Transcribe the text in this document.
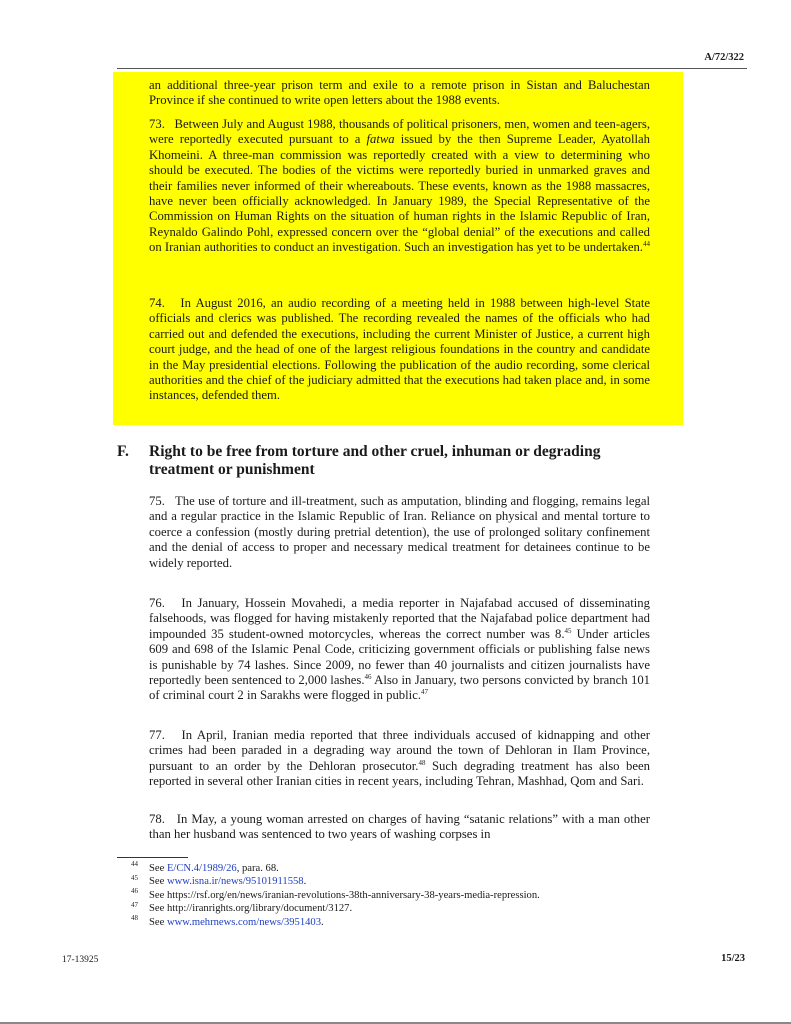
A/72/322

an additional three-year prison term and exile to a remote prison in Sistan and Baluchestan Province if she continued to write open letters about the 1988 events.

73. Between July and August 1988, thousands of political prisoners, men, women and teen-agers, were reportedly executed pursuant to a fatwa issued by the then Supreme Leader, Ayatollah Khomeini. A three-man commission was reportedly created with a view to determining who should be executed. The bodies of the victims were reportedly buried in unmarked graves and their families never informed of their whereabouts. These events, known as the 1988 massacres, have never been officially acknowledged. In January 1989, the Special Representative of the Commission on Human Rights on the situation of human rights in the Islamic Republic of Iran, Reynaldo Galindo Pohl, expressed concern over the “global denial” of the executions and called on Iranian authorities to conduct an investigation. Such an investigation has yet to be undertaken.$^{44}$

74. In August 2016, an audio recording of a meeting held in 1988 between high-level State officials and clerics was published. The recording revealed the names of the officials who had carried out and defended the executions, including the current Minister of Justice, a current high court judge, and the head of one of the largest religious foundations in the country and candidate in the May presidential elections. Following the publication of the audio recording, some clerical authorities and the chief of the judiciary admitted that the executions had taken place and, in some instances, defended them.

F. Right to be free from torture and other cruel, inhuman or degrading treatment or punishment

75. The use of torture and ill-treatment, such as amputation, blinding and flogging, remains legal and a regular practice in the Islamic Republic of Iran. Reliance on physical and mental torture to coerce a confession (mostly during pretrial detention), the use of prolonged solitary confinement and the denial of access to proper and necessary medical treatment for detainees continue to be widely reported.

76. In January, Hossein Movahedi, a media reporter in Najafabad accused of disseminating falsehoods, was flogged for having mistakenly reported that the Najafabad police department had impounded 35 student-owned motorcycles, whereas the correct number was 8.45 Under articles 609 and 698 of the Islamic Penal Code, criticizing government officials or publishing false news is punishable by 74 lashes. Since 2009, no fewer than 40 journalists and citizen journalists have reportedly been sentenced to 2,000 lashes.$^{46}$ Also in January, two persons convicted by branch 101 of criminal court 2 in Sarakhs were flogged in public.$^{47}$

77. In April, Iranian media reported that three individuals accused of kidnapping and other crimes had been paraded in a degrading way around the town of Dehloran in Ilam Province, pursuant to an order by the Dehloran prosecutor.$^{48}$ Such degrading treatment has also been reported in several other Iranian cities in recent years, including Tehran, Mashhad, Qom and Sari.

78. In May, a young woman arrested on charges of having “satanic relations” with a man other than her husband was sentenced to two years of washing corpses in

44 See E/CN.4/1989/26, para. 68.
45 See www.isna.ir/news/95101911558.
46 See https://rsf.org/en/news/iranian-revolutions-38th-anniversary-38-years-media-repression.
47 See http://iranrights.org/library/document/3127.
48 See www.mehrnews.com/news/3951403.
17-13925	15/23
